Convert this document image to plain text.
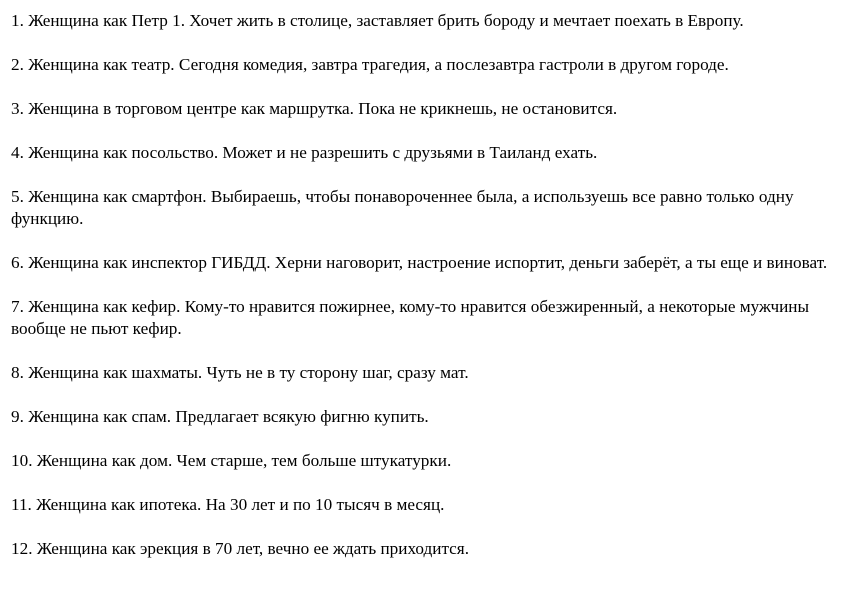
1. Женщина как Петр 1. Хочет жить в столице, заставляет брить бороду и мечтает поехать в Европу.

2. Женщина как театр. Сегодня комедия, завтра трагедия, а послезавтра гастроли в другом городе.

3. Женщина в торговом центре как маршрутка. Пока не крикнешь, не остановится.

4. Женщина как посольство. Может и не разрешить с друзьями в Таиланд ехать.

5. Женщина как смартфон. Выбираешь, чтобы понавороченнее была, а используешь все равно только одну функцию.

6. Женщина как инспектор ГИБДД. Херни наговорит, настроение испортит, деньги заберёт, а ты еще и виноват.

7. Женщина как кефир. Кому-то нравится пожирнее, кому-то нравится обезжиренный, а некоторые мужчины вообще не пьют кефир.

8. Женщина как шахматы. Чуть не в ту сторону шаг, сразу мат.

9. Женщина как спам. Предлагает всякую фигню купить.

10. Женщина как дом. Чем старше, тем больше штукатурки.

11. Женщина как ипотека. На 30 лет и по 10 тысяч в месяц.

12. Женщина как эрекция в 70 лет, вечно ее ждать приходится.
